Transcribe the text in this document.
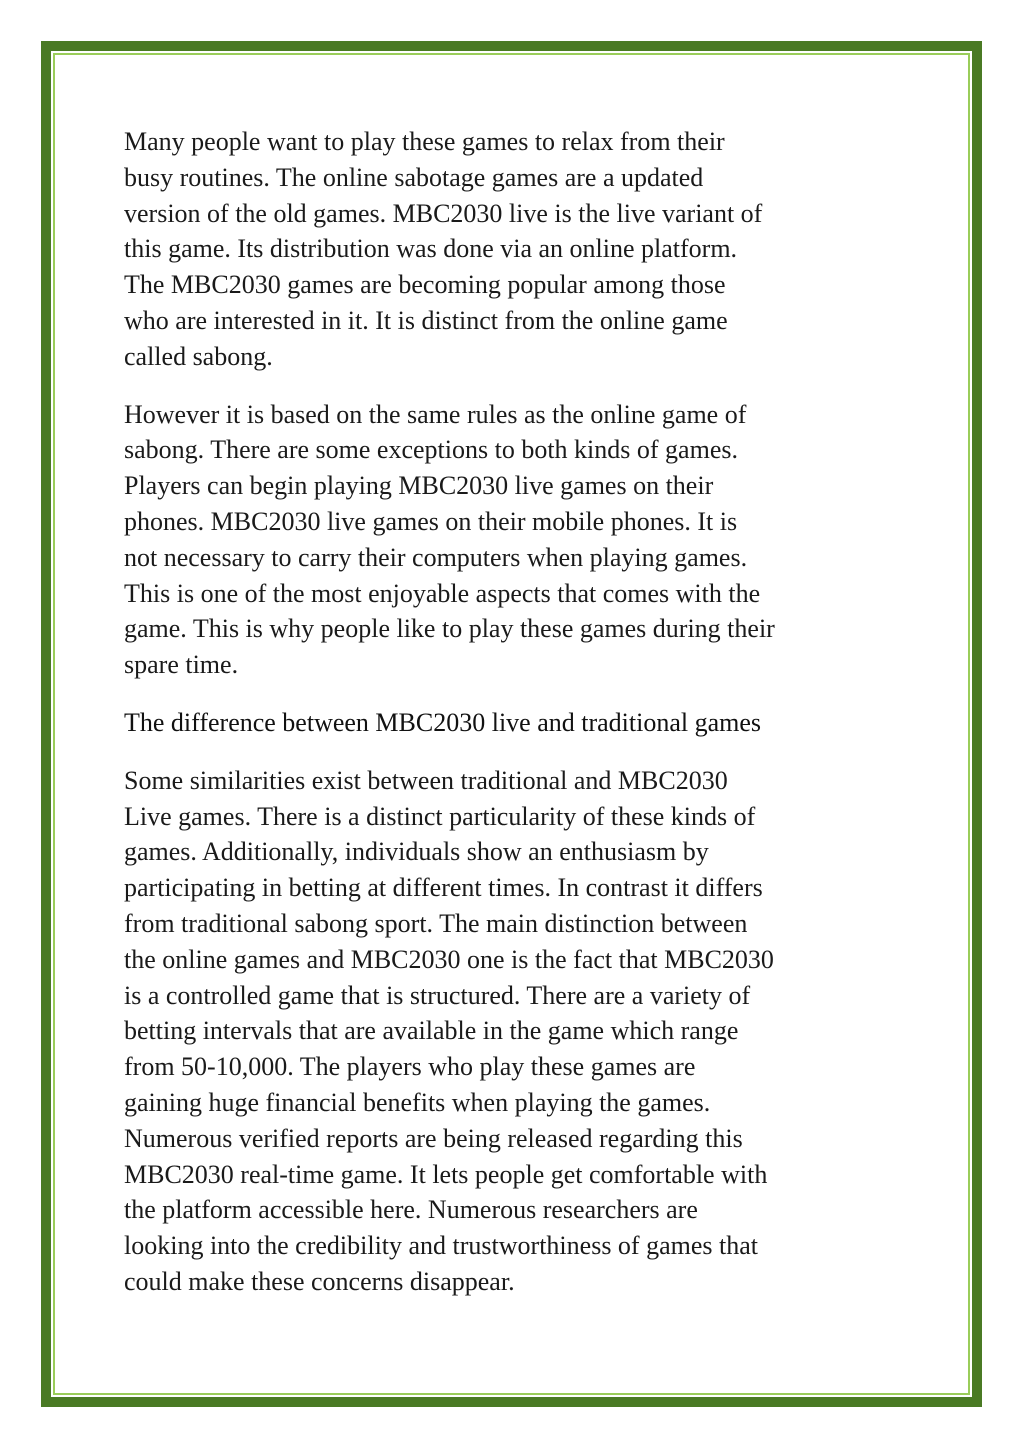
Many people want to play these games to relax from their
busy routines. The online sabotage games are a updated
version of the old games. MBC2030 live is the live variant of
this game. Its distribution was done via an online platform.
The MBC2030 games are becoming popular among those
who are interested in it. It is distinct from the online game
called sabong.

However it is based on the same rules as the online game of
sabong. There are some exceptions to both kinds of games.
Players can begin playing MBC2030 live games on their
phones. MBC2030 live games on their mobile phones. It is
not necessary to carry their computers when playing games.
This is one of the most enjoyable aspects that comes with the
game. This is why people like to play these games during their
spare time.

The difference between MBC2030 live and traditional games

Some similarities exist between traditional and MBC2030
Live games. There is a distinct particularity of these kinds of
games. Additionally, individuals show an enthusiasm by
participating in betting at different times. In contrast it differs
from traditional sabong sport. The main distinction between
the online games and MBC2030 one is the fact that MBC2030
is a controlled game that is structured. There are a variety of
betting intervals that are available in the game which range
from 50-10,000. The players who play these games are
gaining huge financial benefits when playing the games.
Numerous verified reports are being released regarding this
MBC2030 real-time game. It lets people get comfortable with
the platform accessible here. Numerous researchers are
looking into the credibility and trustworthiness of games that
could make these concerns disappear.
